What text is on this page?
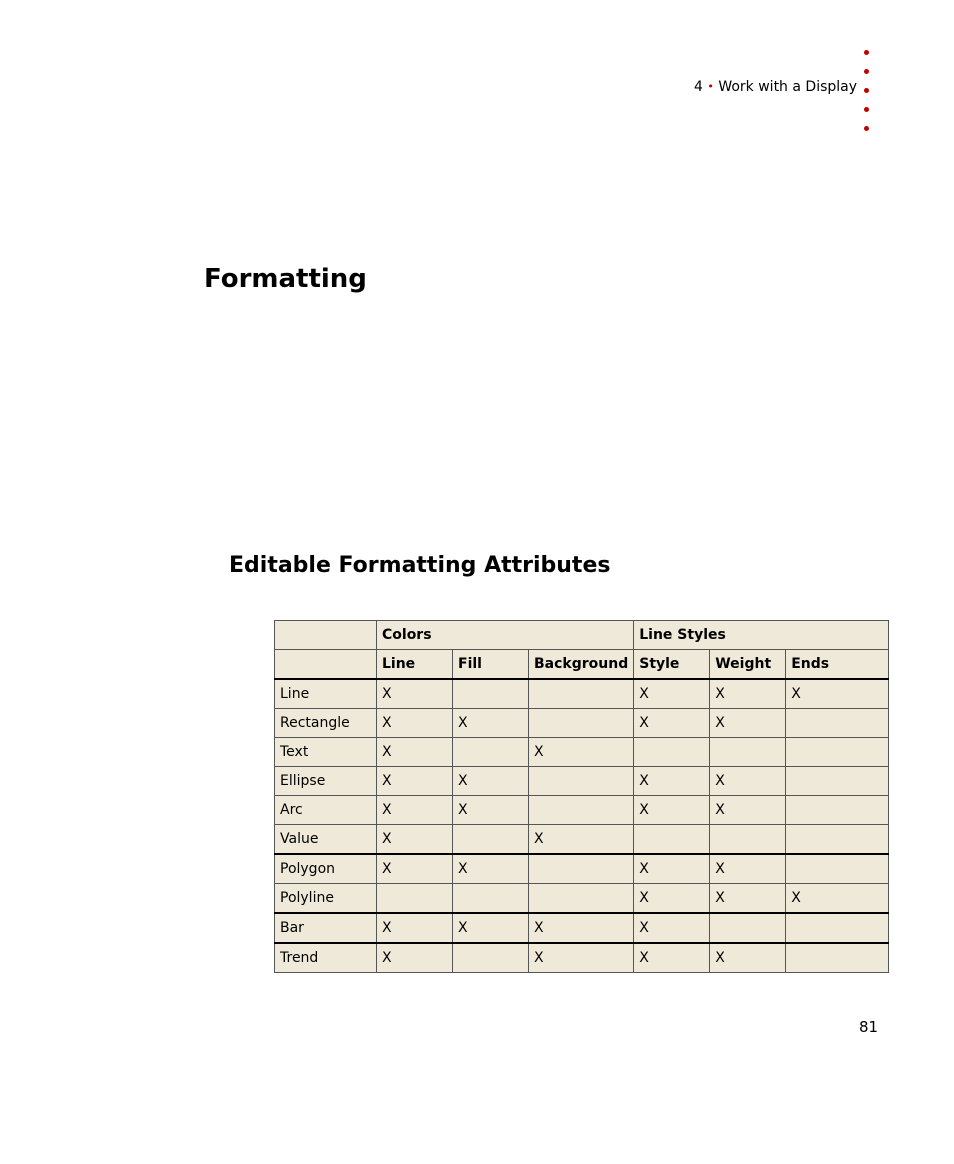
4 • Work with a Display
Formatting
Editable Formatting Attributes
	Colors			Line Styles		
	Line	Fill	Background	Style	Weight	Ends
Line	X			X	X	X
Rectangle	X	X		X	X	
Text	X		X			
Ellipse	X	X		X	X	
Arc	X	X		X	X	
Value	X		X			
Polygon	X	X		X	X	
Polyline				X	X	X
Bar	X	X	X	X		
Trend	X		X	X	X	
81
